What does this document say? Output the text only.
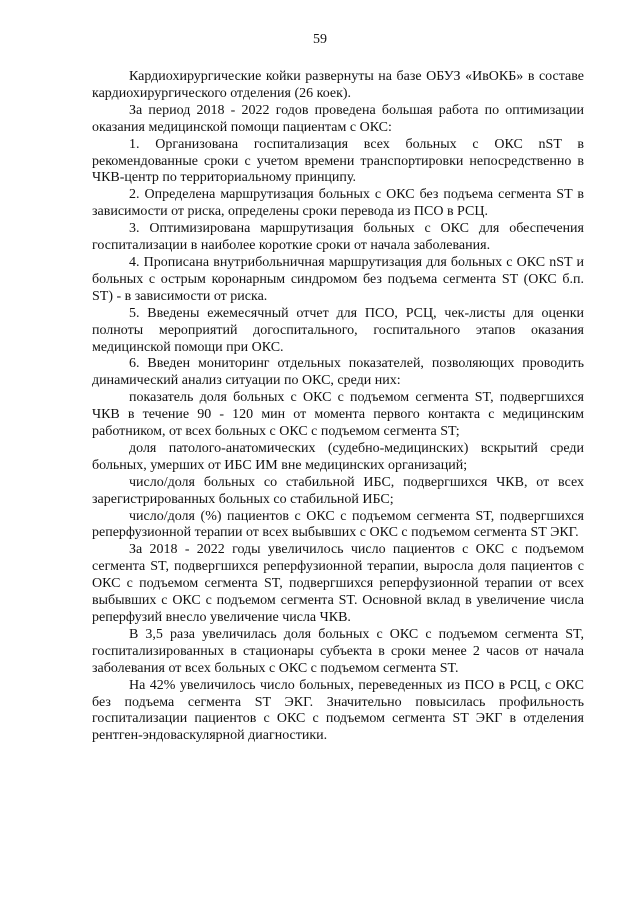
59

Кардиохирургические койки развернуты на базе ОБУЗ «ИвОКБ» в составе кардиохирургического отделения (26 коек).

За период 2018 - 2022 годов проведена большая работа по оптимизации оказания медицинской помощи пациентам с ОКС:

1. Организована госпитализация всех больных с ОКС nST в рекомендованные сроки с учетом времени транспортировки непосредственно в ЧКВ-центр по территориальному принципу.

2. Определена маршрутизация больных с ОКС без подъема сегмента ST в зависимости от риска, определены сроки перевода из ПСО в РСЦ.

3. Оптимизирована маршрутизация больных с ОКС для обеспечения госпитализации в наиболее короткие сроки от начала заболевания.

4. Прописана внутрибольничная маршрутизация для больных с ОКС nST и больных с острым коронарным синдромом без подъема сегмента ST (ОКС б.п. ST) - в зависимости от риска.

5. Введены ежемесячный отчет для ПСО, РСЦ, чек-листы для оценки полноты мероприятий догоспитального, госпитального этапов оказания медицинской помощи при ОКС.

6. Введен мониторинг отдельных показателей, позволяющих проводить динамический анализ ситуации по ОКС, среди них:

показатель доля больных с ОКС с подъемом сегмента ST, подвергшихся ЧКВ в течение 90 - 120 мин от момента первого контакта с медицинским работником, от всех больных с ОКС с подъемом сегмента ST;

доля патолого-анатомических (судебно-медицинских) вскрытий среди больных, умерших от ИБС ИМ вне медицинских организаций;

число/доля больных со стабильной ИБС, подвергшихся ЧКВ, от всех зарегистрированных больных со стабильной ИБС;

число/доля (%) пациентов с ОКС с подъемом сегмента ST, подвергшихся реперфузионной терапии от всех выбывших с ОКС с подъемом сегмента ST ЭКГ.

За 2018 - 2022 годы увеличилось число пациентов с ОКС с подъемом сегмента ST, подвергшихся реперфузионной терапии, выросла доля пациентов с ОКС с подъемом сегмента ST, подвергшихся реперфузионной терапии от всех выбывших с ОКС с подъемом сегмента ST. Основной вклад в увеличение числа реперфузий внесло увеличение числа ЧКВ.

В 3,5 раза увеличилась доля больных с ОКС с подъемом сегмента ST, госпитализированных в стационары субъекта в сроки менее 2 часов от начала заболевания от всех больных с ОКС с подъемом сегмента ST.

На 42% увеличилось число больных, переведенных из ПСО в РСЦ, с ОКС без подъема сегмента ST ЭКГ. Значительно повысилась профильность госпитализации пациентов с ОКС с подъемом сегмента ST ЭКГ в отделения рентген-эндоваскулярной диагностики.
